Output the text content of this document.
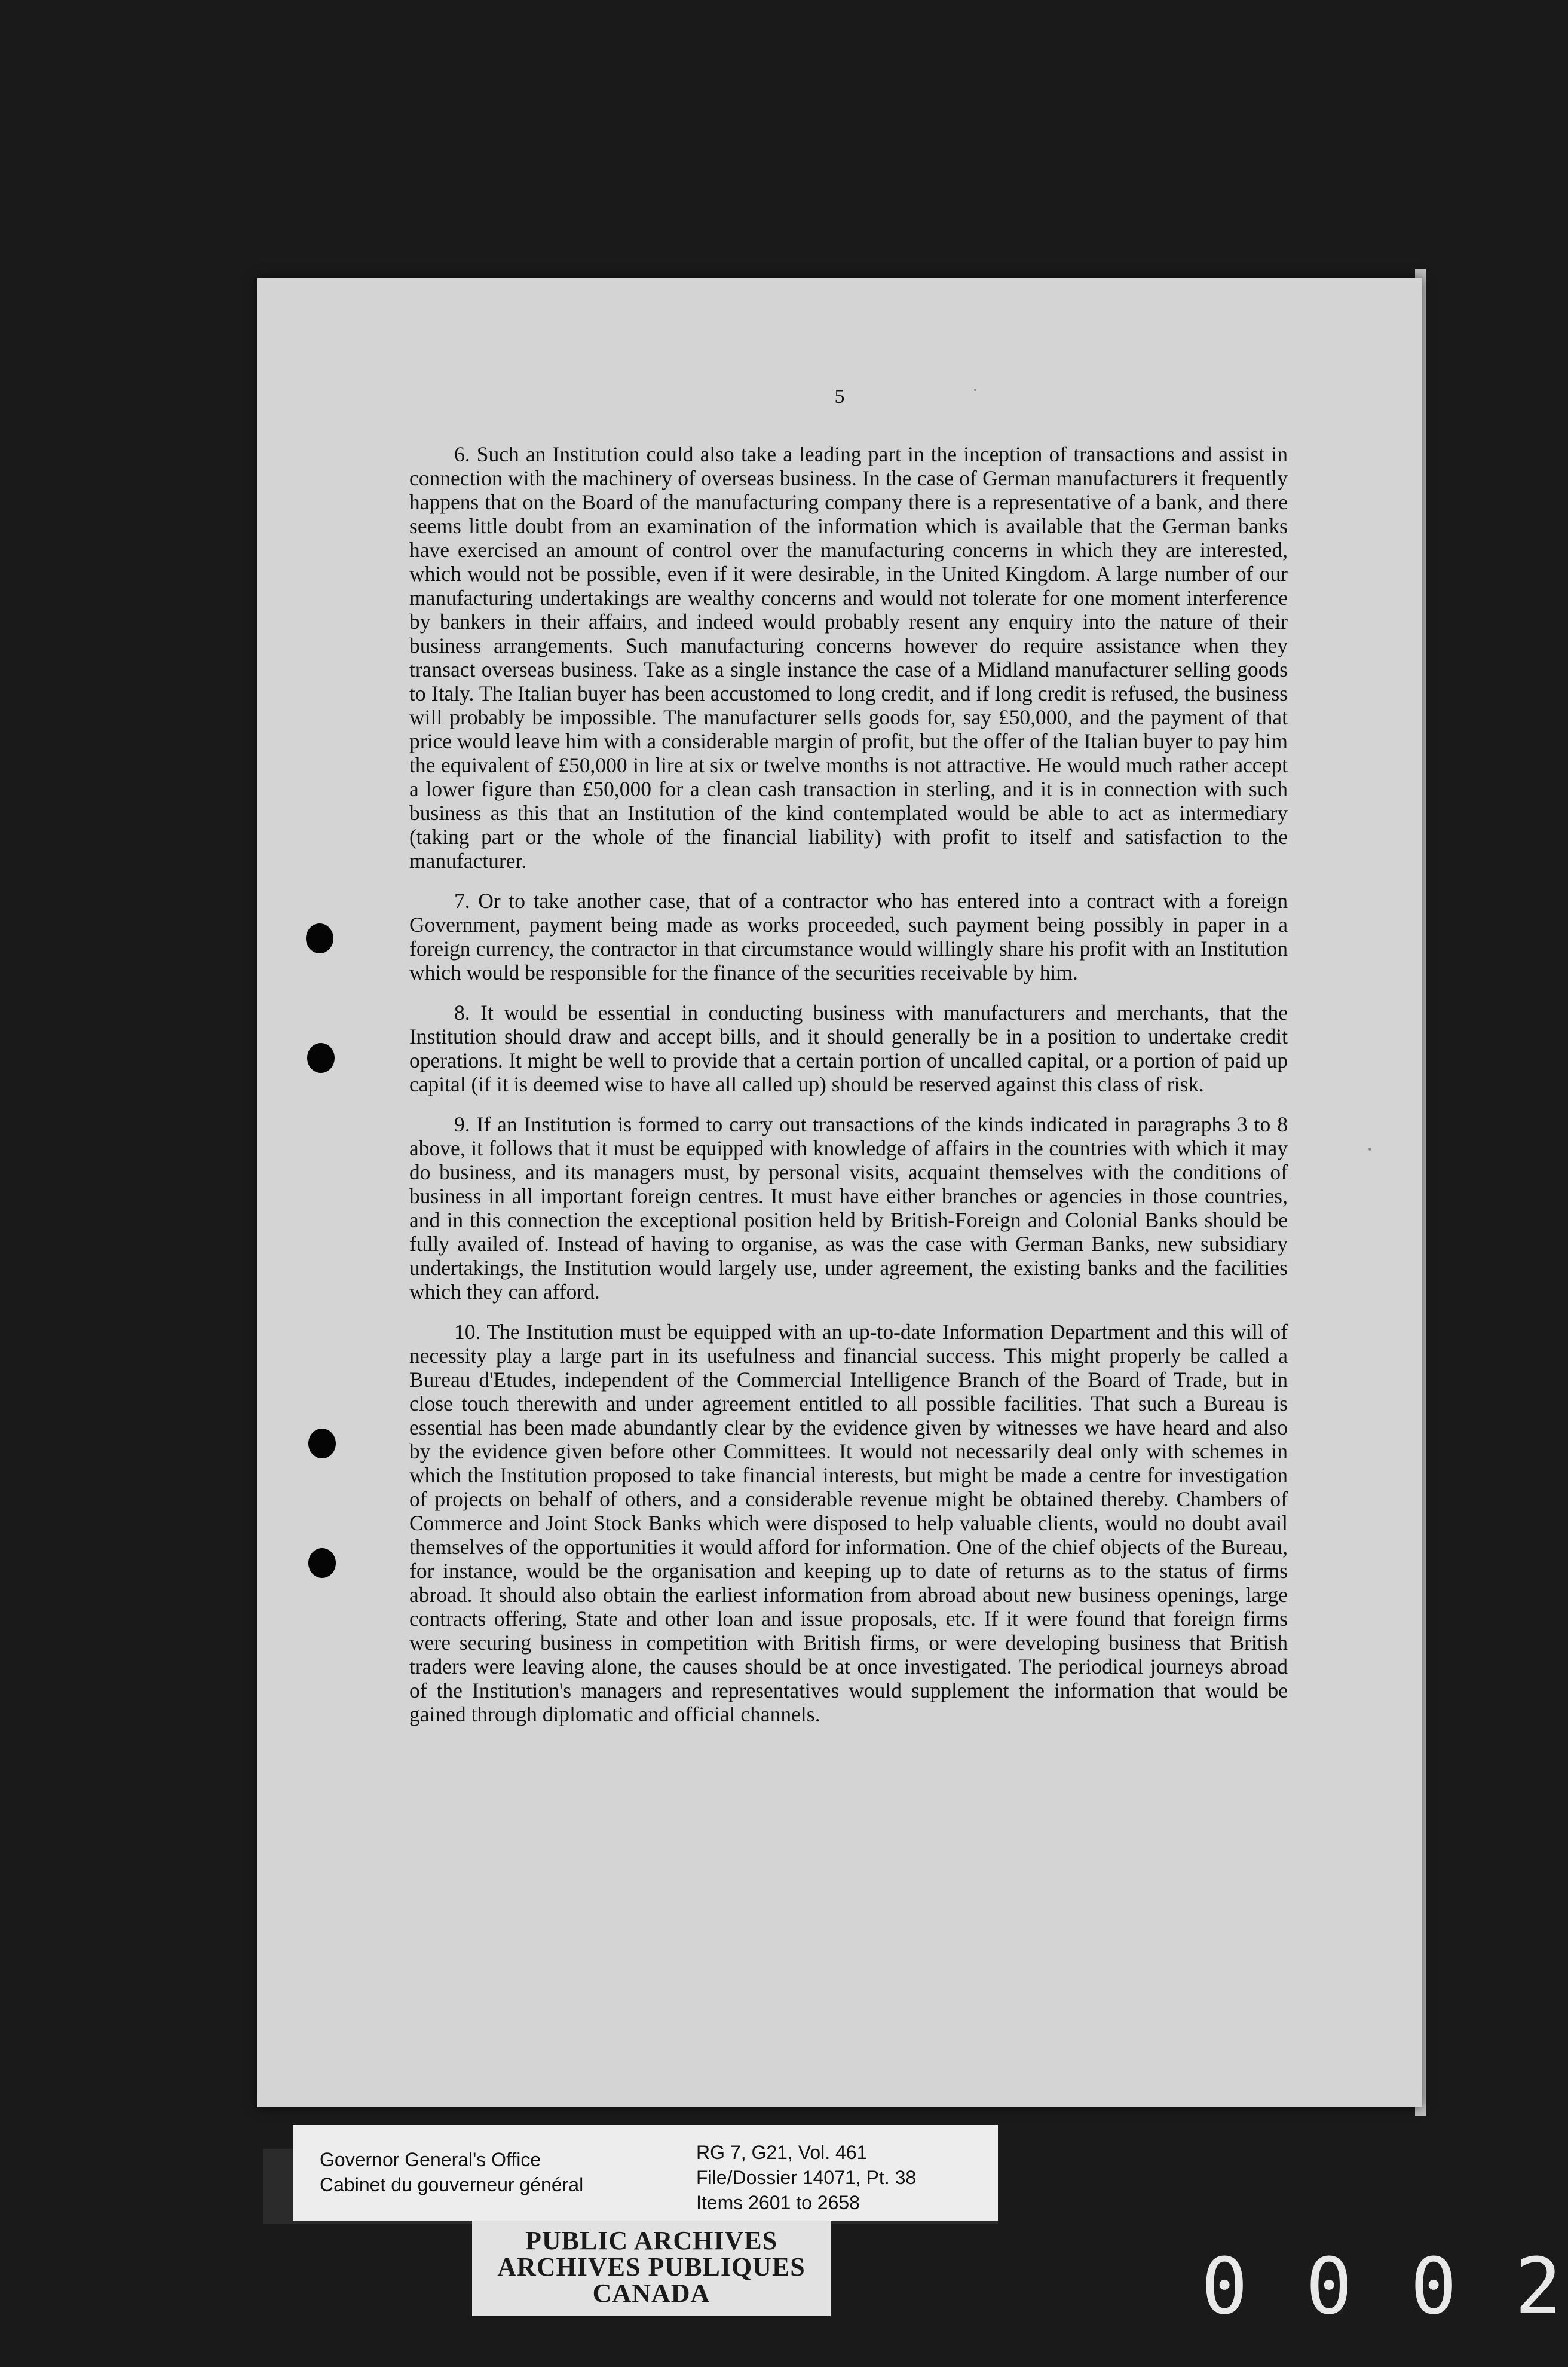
5

6. Such an Institution could also take a leading part in the inception of transactions and assist in connection with the machinery of overseas business. In the case of German manufacturers it frequently happens that on the Board of the manufacturing company there is a representative of a bank, and there seems little doubt from an examination of the information which is available that the German banks have exercised an amount of control over the manufacturing concerns in which they are interested, which would not be possible, even if it were desirable, in the United Kingdom. A large number of our manufacturing undertakings are wealthy concerns and would not tolerate for one moment interference by bankers in their affairs, and indeed would probably resent any enquiry into the nature of their business arrangements. Such manufacturing concerns however do require assistance when they transact overseas business. Take as a single instance the case of a Midland manufacturer selling goods to Italy. The Italian buyer has been accustomed to long credit, and if long credit is refused, the business will probably be impossible. The manufacturer sells goods for, say £50,000, and the payment of that price would leave him with a considerable margin of profit, but the offer of the Italian buyer to pay him the equivalent of £50,000 in lire at six or twelve months is not attractive. He would much rather accept a lower figure than £50,000 for a clean cash transaction in sterling, and it is in connection with such business as this that an Institution of the kind contemplated would be able to act as intermediary (taking part or the whole of the financial liability) with profit to itself and satisfaction to the manufacturer.

7. Or to take another case, that of a contractor who has entered into a contract with a foreign Government, payment being made as works proceeded, such payment being possibly in paper in a foreign currency, the contractor in that circumstance would willingly share his profit with an Institution which would be responsible for the finance of the securities receivable by him.

8. It would be essential in conducting business with manufacturers and merchants, that the Institution should draw and accept bills, and it should generally be in a position to undertake credit operations. It might be well to provide that a certain portion of uncalled capital, or a portion of paid up capital (if it is deemed wise to have all called up) should be reserved against this class of risk.

9. If an Institution is formed to carry out transactions of the kinds indicated in paragraphs 3 to 8 above, it follows that it must be equipped with knowledge of affairs in the countries with which it may do business, and its managers must, by personal visits, acquaint themselves with the conditions of business in all important foreign centres. It must have either branches or agencies in those countries, and in this connection the exceptional position held by British-Foreign and Colonial Banks should be fully availed of. Instead of having to organise, as was the case with German Banks, new subsidiary undertakings, the Institution would largely use, under agreement, the existing banks and the facilities which they can afford.

10. The Institution must be equipped with an up-to-date Information Department and this will of necessity play a large part in its usefulness and financial success. This might properly be called a Bureau d'Etudes, independent of the Commercial Intelligence Branch of the Board of Trade, but in close touch therewith and under agreement entitled to all possible facilities. That such a Bureau is essential has been made abundantly clear by the evidence given by witnesses we have heard and also by the evidence given before other Committees. It would not necessarily deal only with schemes in which the Institution proposed to take financial interests, but might be made a centre for investigation of projects on behalf of others, and a considerable revenue might be obtained thereby. Chambers of Commerce and Joint Stock Banks which were disposed to help valuable clients, would no doubt avail themselves of the opportunities it would afford for information. One of the chief objects of the Bureau, for instance, would be the organisation and keeping up to date of returns as to the status of firms abroad. It should also obtain the earliest information from abroad about new business openings, large contracts offering, State and other loan and issue proposals, etc. If it were found that foreign firms were securing business in competition with British firms, or were developing business that British traders were leaving alone, the causes should be at once investigated. The periodical journeys abroad of the Institution's managers and representatives would supplement the information that would be gained through diplomatic and official channels.

Governor General's Office
Cabinet du gouverneur général
RG 7, G21, Vol. 461
File/Dossier 14071, Pt. 38
Items 2601 to 2658
PUBLIC ARCHIVES
ARCHIVES PUBLIQUES
CANADA	0 0 0 2
